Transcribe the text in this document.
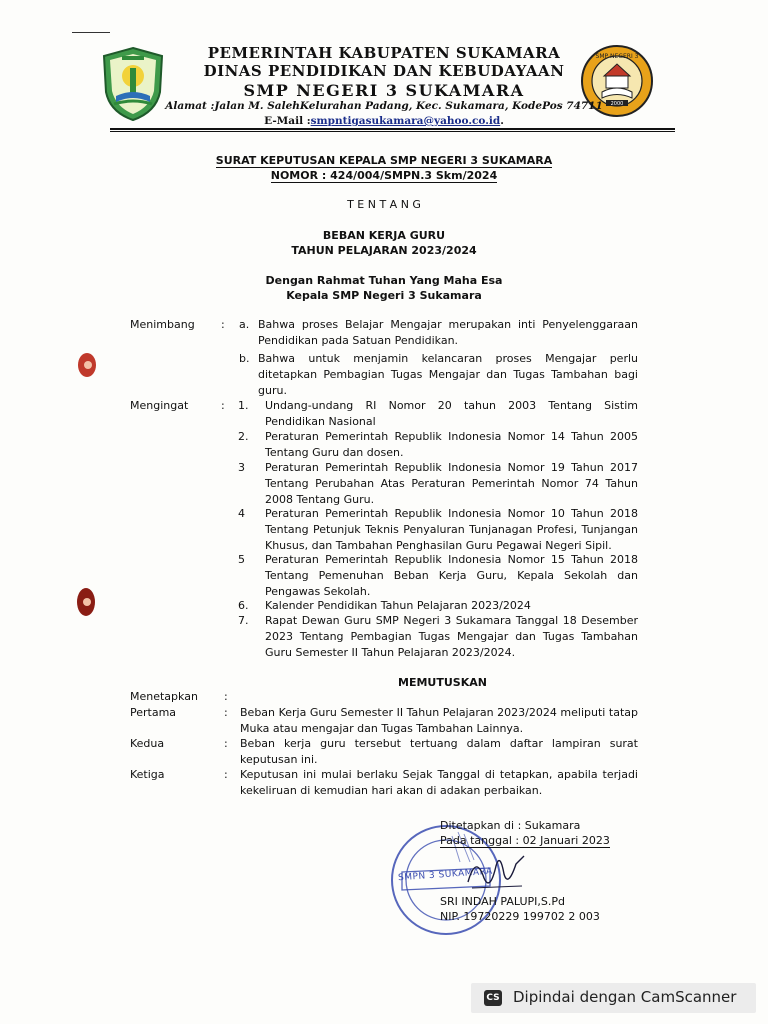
SMP NEGERI 3
2000
PEMERINTAH KABUPATEN SUKAMARA
DINAS PENDIDIKAN DAN KEBUDAYAAN
SMP NEGERI 3 SUKAMARA
Alamat :Jalan M. SalehKelurahan Padang, Kec. Sukamara, KodePos 74711
E-Mail :smpntigasukamara@yahoo.co.id.
SURAT KEPUTUSAN KEPALA SMP NEGERI 3 SUKAMARA
NOMOR : 424/004/SMPN.3 Skm/2024
T E N T A N G
BEBAN KERJA GURU
TAHUN PELAJARAN 2023/2024
Dengan Rahmat Tuhan Yang Maha Esa
Kepala SMP Negeri 3 Sukamara
Menimbang : a. Bahwa proses Belajar Mengajar merupakan inti Penyelenggaraan Pendidikan pada Satuan Pendidikan.
b. Bahwa untuk menjamin kelancaran proses Mengajar perlu ditetapkan Pembagian Tugas Mengajar dan Tugas Tambahan bagi guru.
Mengingat	: 1. Undang-undang RI Nomor 20 tahun 2003 Tentang Sistim Pendidikan Nasional
2. Peraturan Pemerintah Republik Indonesia Nomor 14 Tahun 2005 Tentang Guru dan dosen.
3 Peraturan Pemerintah Republik Indonesia Nomor 19 Tahun 2017 Tentang Perubahan Atas Peraturan Pemerintah Nomor 74 Tahun 2008 Tentang Guru.
4 Peraturan Pemerintah Republik Indonesia Nomor 10 Tahun 2018 Tentang Petunjuk Teknis Penyaluran Tunjanagan Profesi, Tunjangan Khusus, dan Tambahan Penghasilan Guru Pegawai Negeri Sipil.
5 Peraturan Pemerintah Republik Indonesia Nomor 15 Tahun 2018 Tentang Pemenuhan Beban Kerja Guru, Kepala Sekolah dan Pengawas Sekolah.
6. Kalender Pendidikan Tahun Pelajaran 2023/2024
7. Rapat Dewan Guru SMP Negeri 3 Sukamara Tanggal 18 Desember 2023 Tentang Pembagian Tugas Mengajar dan Tugas Tambahan Guru Semester II Tahun Pelajaran 2023/2024.
MEMUTUSKAN
Menetapkan :
Pertama	: Beban Kerja Guru Semester II Tahun Pelajaran 2023/2024 meliputi tatap Muka atau mengajar dan Tugas Tambahan Lainnya.
Kedua	: Beban kerja guru tersebut tertuang dalam daftar lampiran surat keputusan ini.
Ketiga	: Keputusan ini mulai berlaku Sejak Tanggal di tetapkan, apabila terjadi kekeliruan di kemudian hari akan di adakan perbaikan.
SMPN 3 SUKAMARA
Ditetapkan di : Sukamara
Pada tanggal : 02 Januari 2023
SRI INDAH PALUPI,S.Pd
NIP. 19720229 199702 2 003
CS Dipindai dengan CamScanner
